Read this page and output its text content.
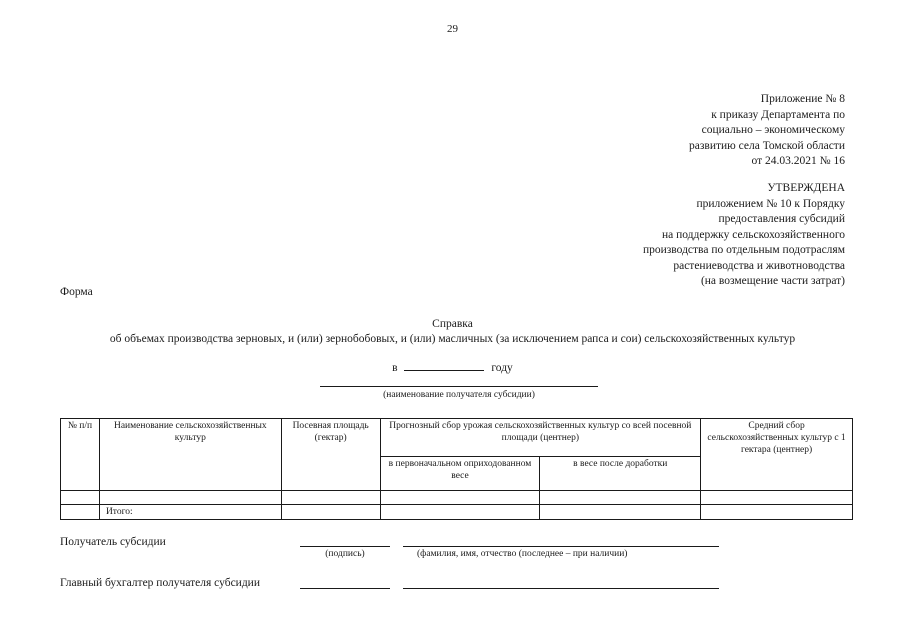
29
Приложение № 8
к приказу Департамента по
социально – экономическому
развитию села Томской области
от 24.03.2021 № 16
УТВЕРЖДЕНА
приложением № 10 к Порядку
предоставления субсидий
на поддержку сельскохозяйственного
производства по отдельным подотраслям
растениеводства и животноводства
(на возмещение части затрат)
Форма
Справка
об объемах производства зерновых, и (или) зернобобовых, и (или) масличных (за исключением рапса и сои) сельскохозяйственных культур
в	году
(наименование получателя субсидии)
№ п/п	Наименование сельскохозяйственных культур	Посевная площадь (гектар)	Прогнозный сбор урожая сельскохозяйственных культур со всей посевной площади (центнер)		Средний сбор сельскохозяйственных культур с 1 гектара (центнер)
			в первоначальном оприходованном весе	в весе после доработки	

	Итого:				
Получатель субсидии
(подпись)	(фамилия, имя, отчество (последнее – при наличии)
Главный бухгалтер получателя субсидии
